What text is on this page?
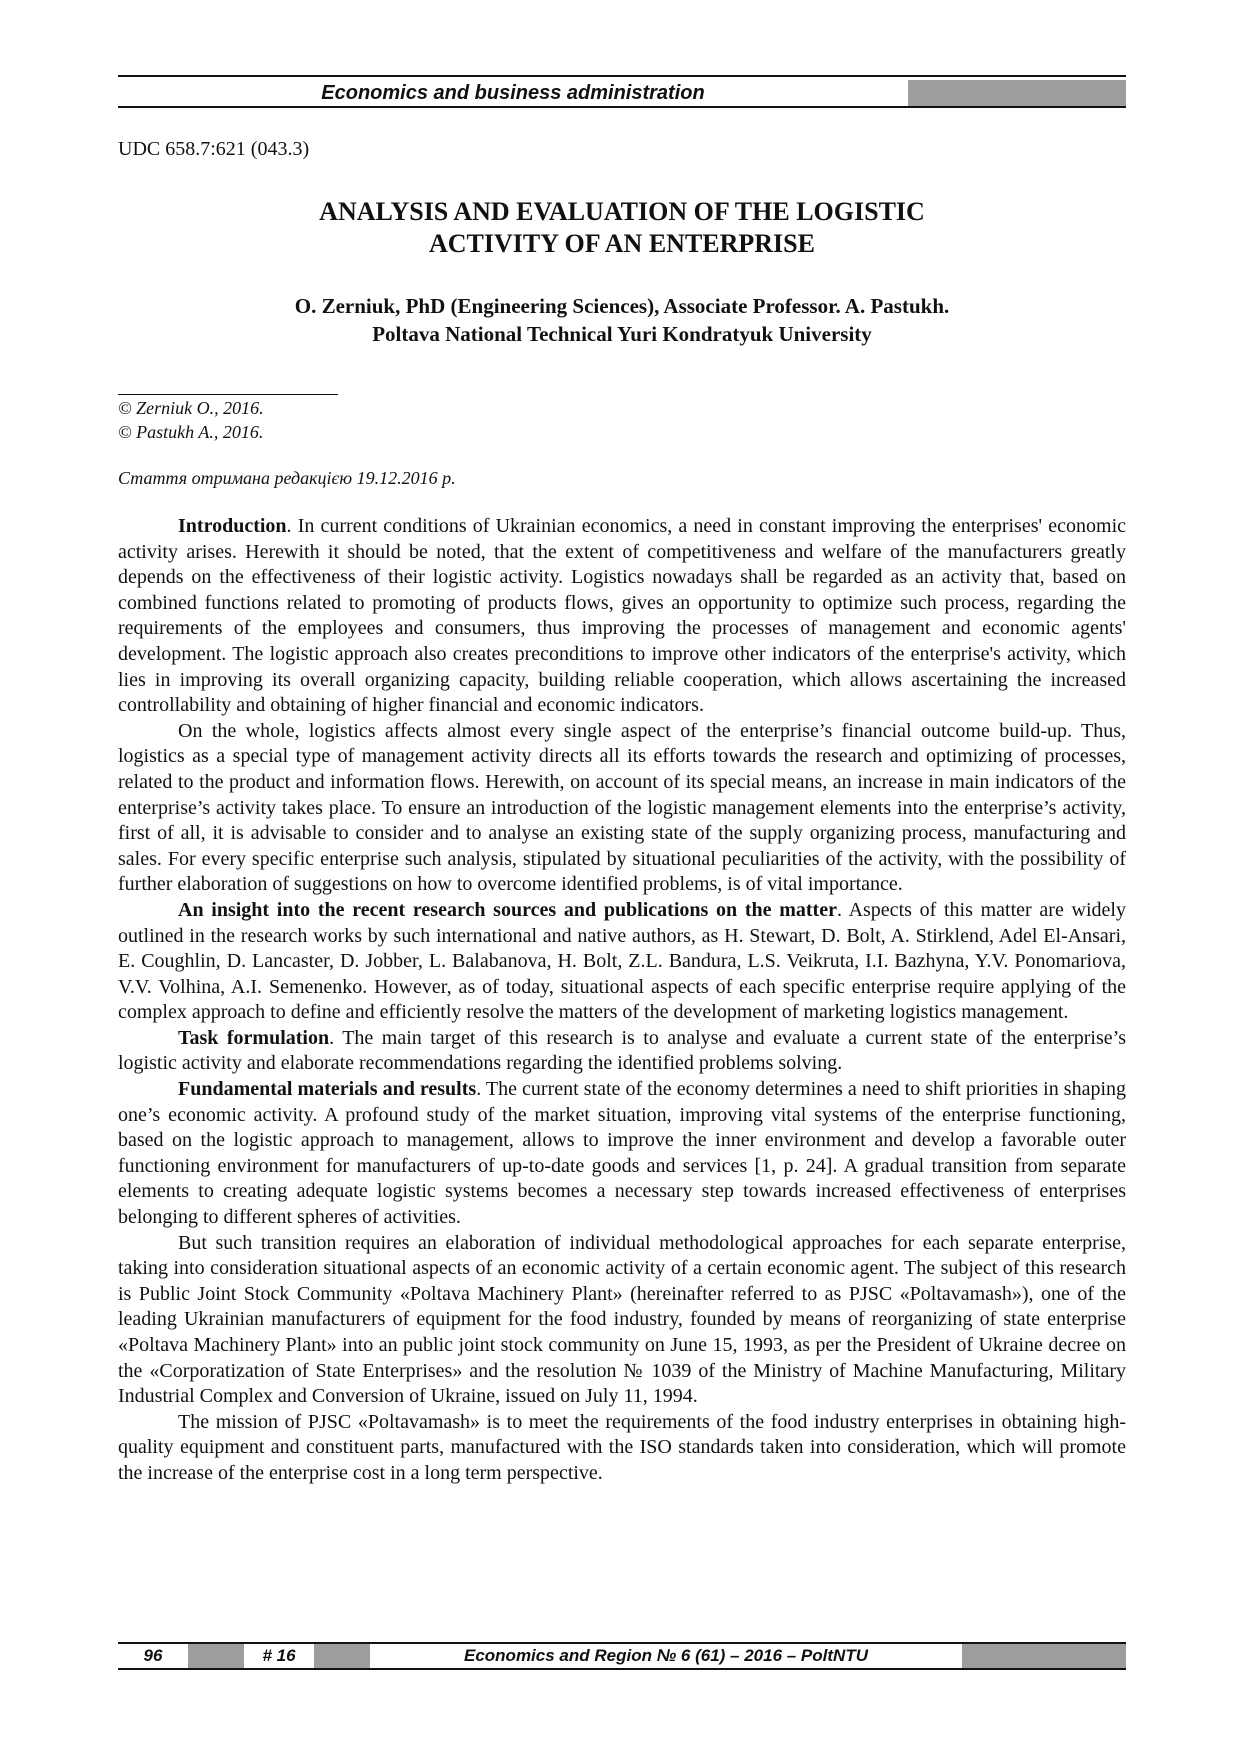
Economics and business administration
UDC 658.7:621 (043.3)
ANALYSIS AND EVALUATION OF THE LOGISTIC
ACTIVITY OF AN ENTERPRISE
O. Zerniuk, PhD (Engineering Sciences), Associate Professor. A. Pastukh.
Poltava National Technical Yuri Kondratyuk University
© Zerniuk O., 2016.
© Pastukh A., 2016.
Стаття отримана редакцією 19.12.2016 р.

Introduction. In current conditions of Ukrainian economics, a need in constant improving the enterprises' economic activity arises. Herewith it should be noted, that the extent of competitiveness and welfare of the manufacturers greatly depends on the effectiveness of their logistic activity. Logistics nowadays shall be regarded as an activity that, based on combined functions related to promoting of products flows, gives an opportunity to optimize such process, regarding the requirements of the employees and consumers, thus improving the processes of management and economic agents' development. The logistic approach also creates preconditions to improve other indicators of the enterprise's activity, which lies in improving its overall organizing capacity, building reliable cooperation, which allows ascertaining the increased controllability and obtaining of higher financial and economic indicators.

On the whole, logistics affects almost every single aspect of the enterprise’s financial outcome build-up. Thus, logistics as a special type of management activity directs all its efforts towards the research and optimizing of processes, related to the product and information flows. Herewith, on account of its special means, an increase in main indicators of the enterprise’s activity takes place. To ensure an introduction of the logistic management elements into the enterprise’s activity, first of all, it is advisable to consider and to analyse an existing state of the supply organizing process, manufacturing and sales. For every specific enterprise such analysis, stipulated by situational peculiarities of the activity, with the possibility of further elaboration of suggestions on how to overcome identified problems, is of vital importance.

An insight into the recent research sources and publications on the matter. Aspects of this matter are widely outlined in the research works by such international and native authors, as H. Stewart, D. Bolt, A. Stirklend, Adel El-Ansari, E. Coughlin, D. Lancaster, D. Jobber, L. Balabanova, H. Bolt, Z.L. Bandura, L.S. Veikruta, I.I. Bazhyna, Y.V. Ponomariova, V.V. Volhina, A.I. Semenenko. However, as of today, situational aspects of each specific enterprise require applying of the complex approach to define and efficiently resolve the matters of the development of marketing logistics management.

Task formulation. The main target of this research is to analyse and evaluate a current state of the enterprise’s logistic activity and elaborate recommendations regarding the identified problems solving.

Fundamental materials and results. The current state of the economy determines a need to shift priorities in shaping one’s economic activity. A profound study of the market situation, improving vital systems of the enterprise functioning, based on the logistic approach to management, allows to improve the inner environment and develop a favorable outer functioning environment for manufacturers of up-to-date goods and services [1, p. 24]. A gradual transition from separate elements to creating adequate logistic systems becomes a necessary step towards increased effectiveness of enterprises belonging to different spheres of activities.

But such transition requires an elaboration of individual methodological approaches for each separate enterprise, taking into consideration situational aspects of an economic activity of a certain economic agent. The subject of this research is Public Joint Stock Community «Poltava Machinery Plant» (hereinafter referred to as PJSC «Poltavamash»), one of the leading Ukrainian manufacturers of equipment for the food industry, founded by means of reorganizing of state enterprise «Poltava Machinery Plant» into an public joint stock community on June 15, 1993, as per the President of Ukraine decree on the «Corporatization of State Enterprises» and the resolution № 1039 of the Ministry of Machine Manufacturing, Military Industrial Complex and Conversion of Ukraine, issued on July 11, 1994.

The mission of PJSC «Poltavamash» is to meet the requirements of the food industry enterprises in obtaining high-quality equipment and constituent parts, manufactured with the ISO standards taken into consideration, which will promote the increase of the enterprise cost in a long term perspective.

96	# 16	Economics and Region № 6 (61) – 2016 – PoltNTU
